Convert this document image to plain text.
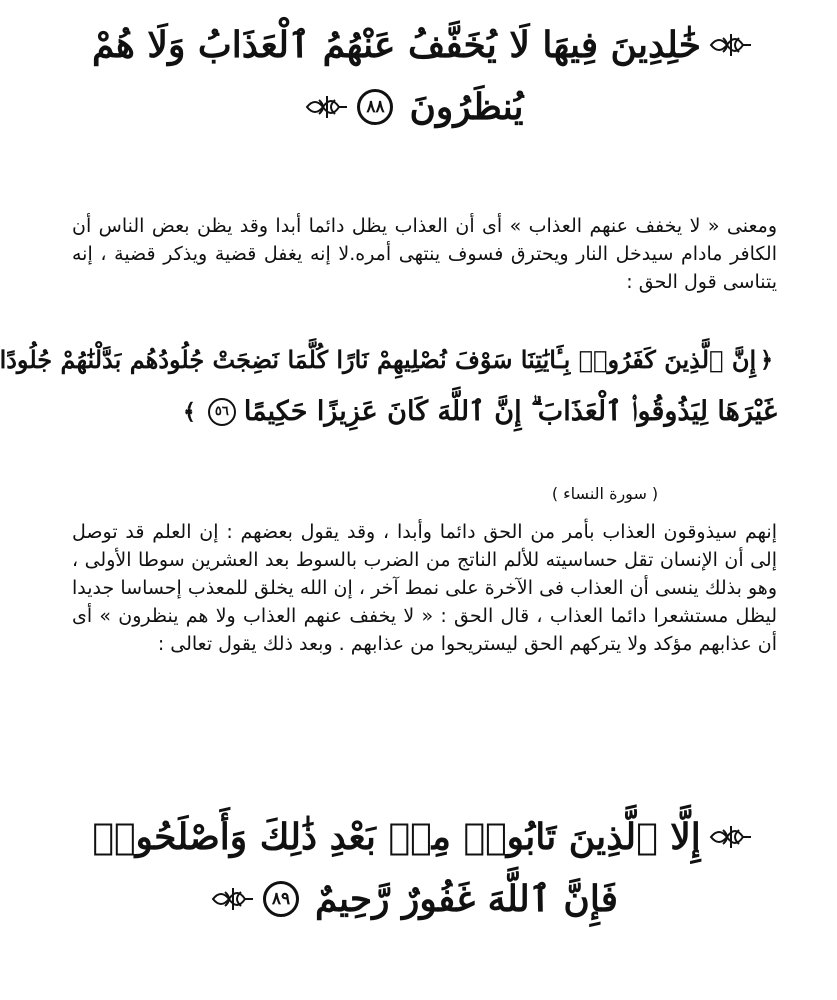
خَٰلِدِينَ فِيهَا لَا يُخَفَّفُ عَنْهُمُ ٱلْعَذَابُ وَلَا هُمْ
يُنظَرُونَ
٨٨

ومعنى « لا يخفف عنهم العذاب » أى أن العذاب يظل دائما أبدا وقد يظن بعض الناس أن الكافر مادام سيدخل النار ويحترق فسوف ينتهى أمره.لا إنه يغفل قضية ويذكر قضية ، إنه يتناسى قول الحق :

﴿
إِنَّ ٱلَّذِينَ كَفَرُوا۟ بِـَٔايَٰتِنَا سَوْفَ نُصْلِيهِمْ نَارًا كُلَّمَا نَضِجَتْ جُلُودُهُم بَدَّلْنَٰهُمْ جُلُودًا
غَيْرَهَا لِيَذُوقُوا۟ ٱلْعَذَابَ ۗ إِنَّ ٱللَّهَ كَانَ عَزِيزًا حَكِيمًا
٥٦
﴾
( سورة النساء )

إنهم سيذوقون العذاب بأمر من الحق دائما وأبدا ، وقد يقول بعضهم : إن العلم قد توصل إلى أن الإنسان تقل حساسيته للألم الناتج من الضرب بالسوط بعد العشرين سوطا الأولى ، وهو بذلك ينسى أن العذاب فى الآخرة على نمط آخر ، إن الله يخلق للمعذب إحساسا جديدا ليظل مستشعرا دائما العذاب ، قال الحق : « لا يخفف عنهم العذاب ولا هم ينظرون » أى أن عذابهم مؤكد ولا يتركهم الحق ليستريحوا من عذابهم . وبعد ذلك يقول تعالى :

إِلَّا ٱلَّذِينَ تَابُوا۟ مِنۢ بَعْدِ ذَٰلِكَ وَأَصْلَحُوا۟
فَإِنَّ ٱللَّهَ غَفُورٌ رَّحِيمٌ
٨٩
